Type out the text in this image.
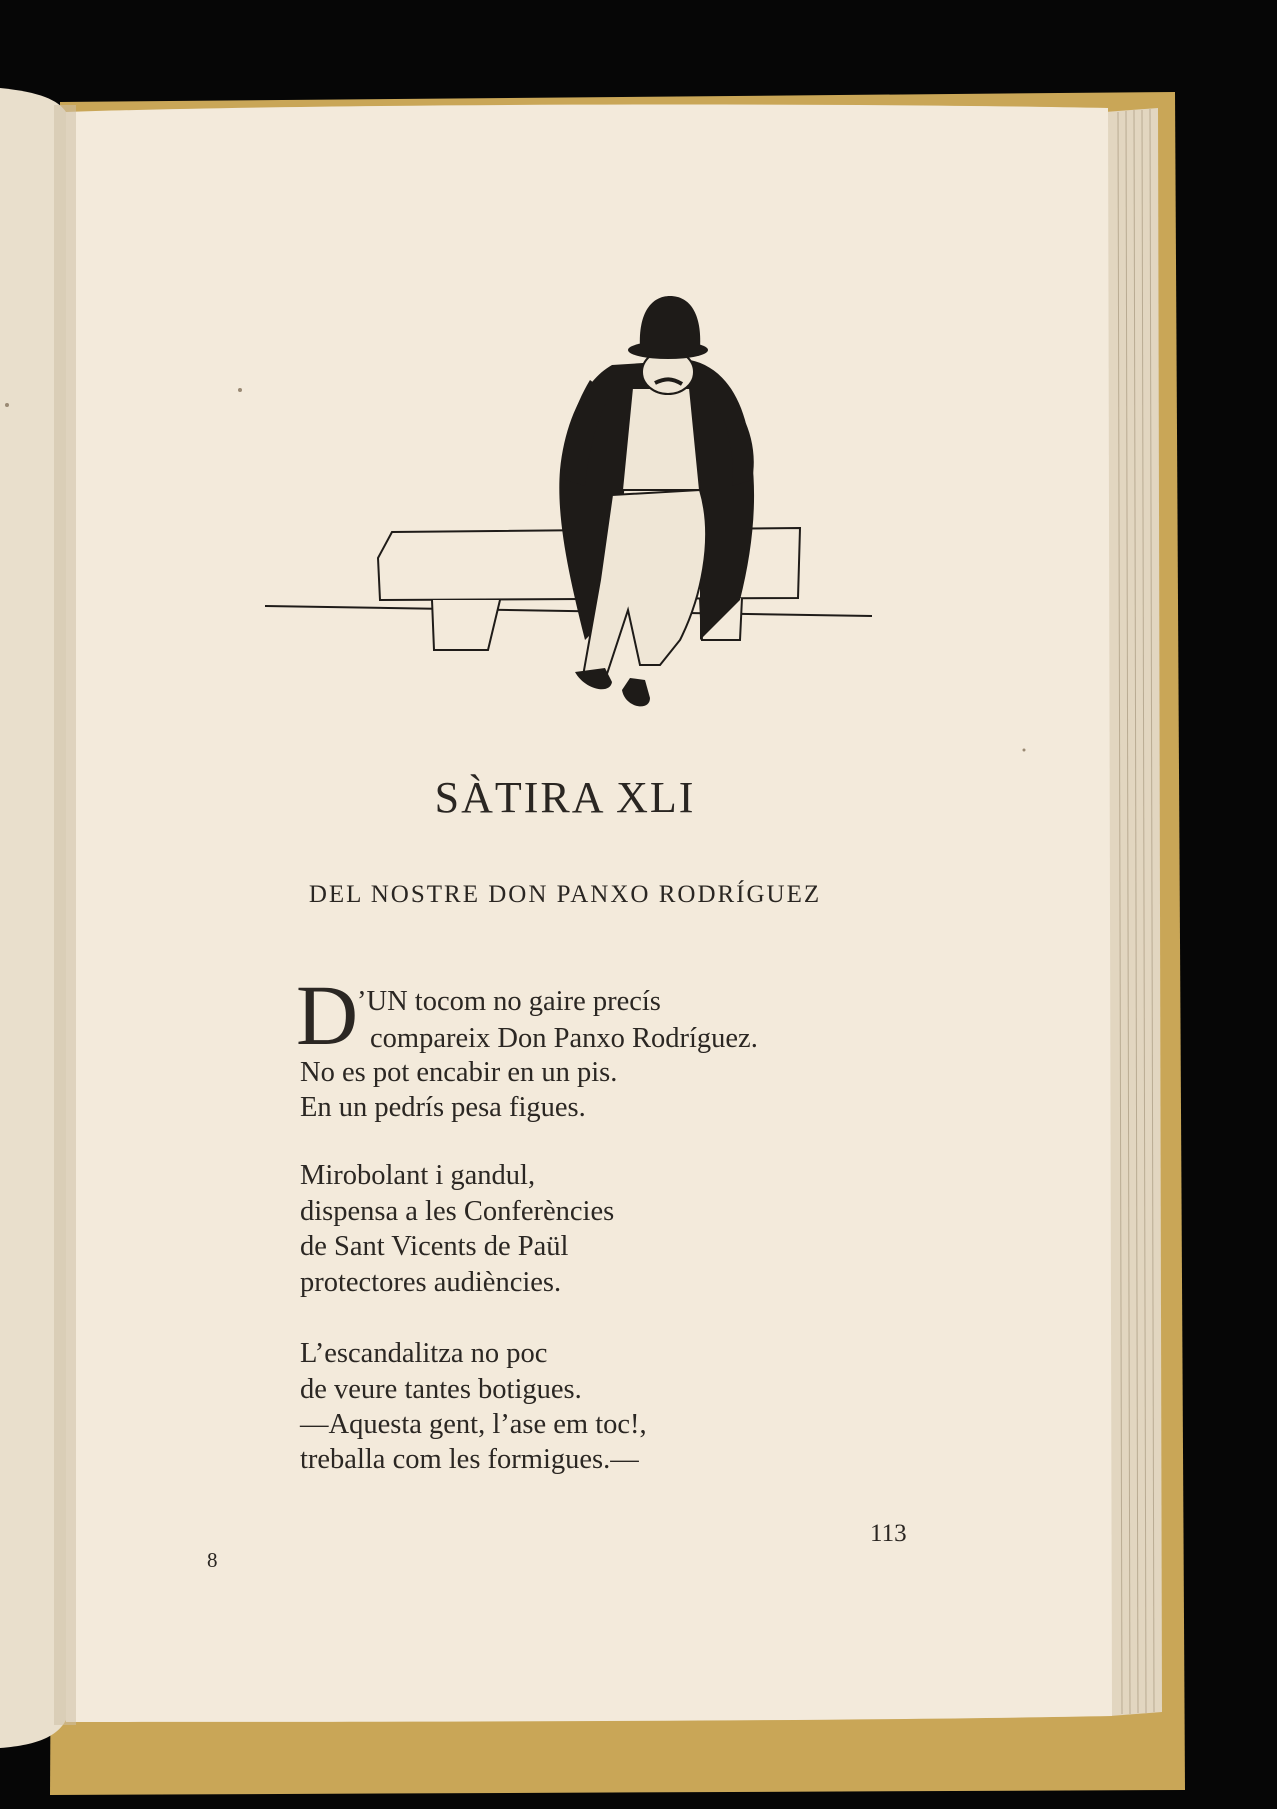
SÀTIRA XLI
DEL NOSTRE DON PANXO RODRÍGUEZ
D
’UN tocom no gaire precís
compareix Don Panxo Rodríguez.
No es pot encabir en un pis.
En un pedrís pesa figues.
Mirobolant i gandul,
dispensa a les Conferències
de Sant Vicents de Paül
protectores audiències.
L’escandalitza no poc
de veure tantes botigues.
—Aquesta gent, l’ase em toc!,
treballa com les formigues.—
113
8
